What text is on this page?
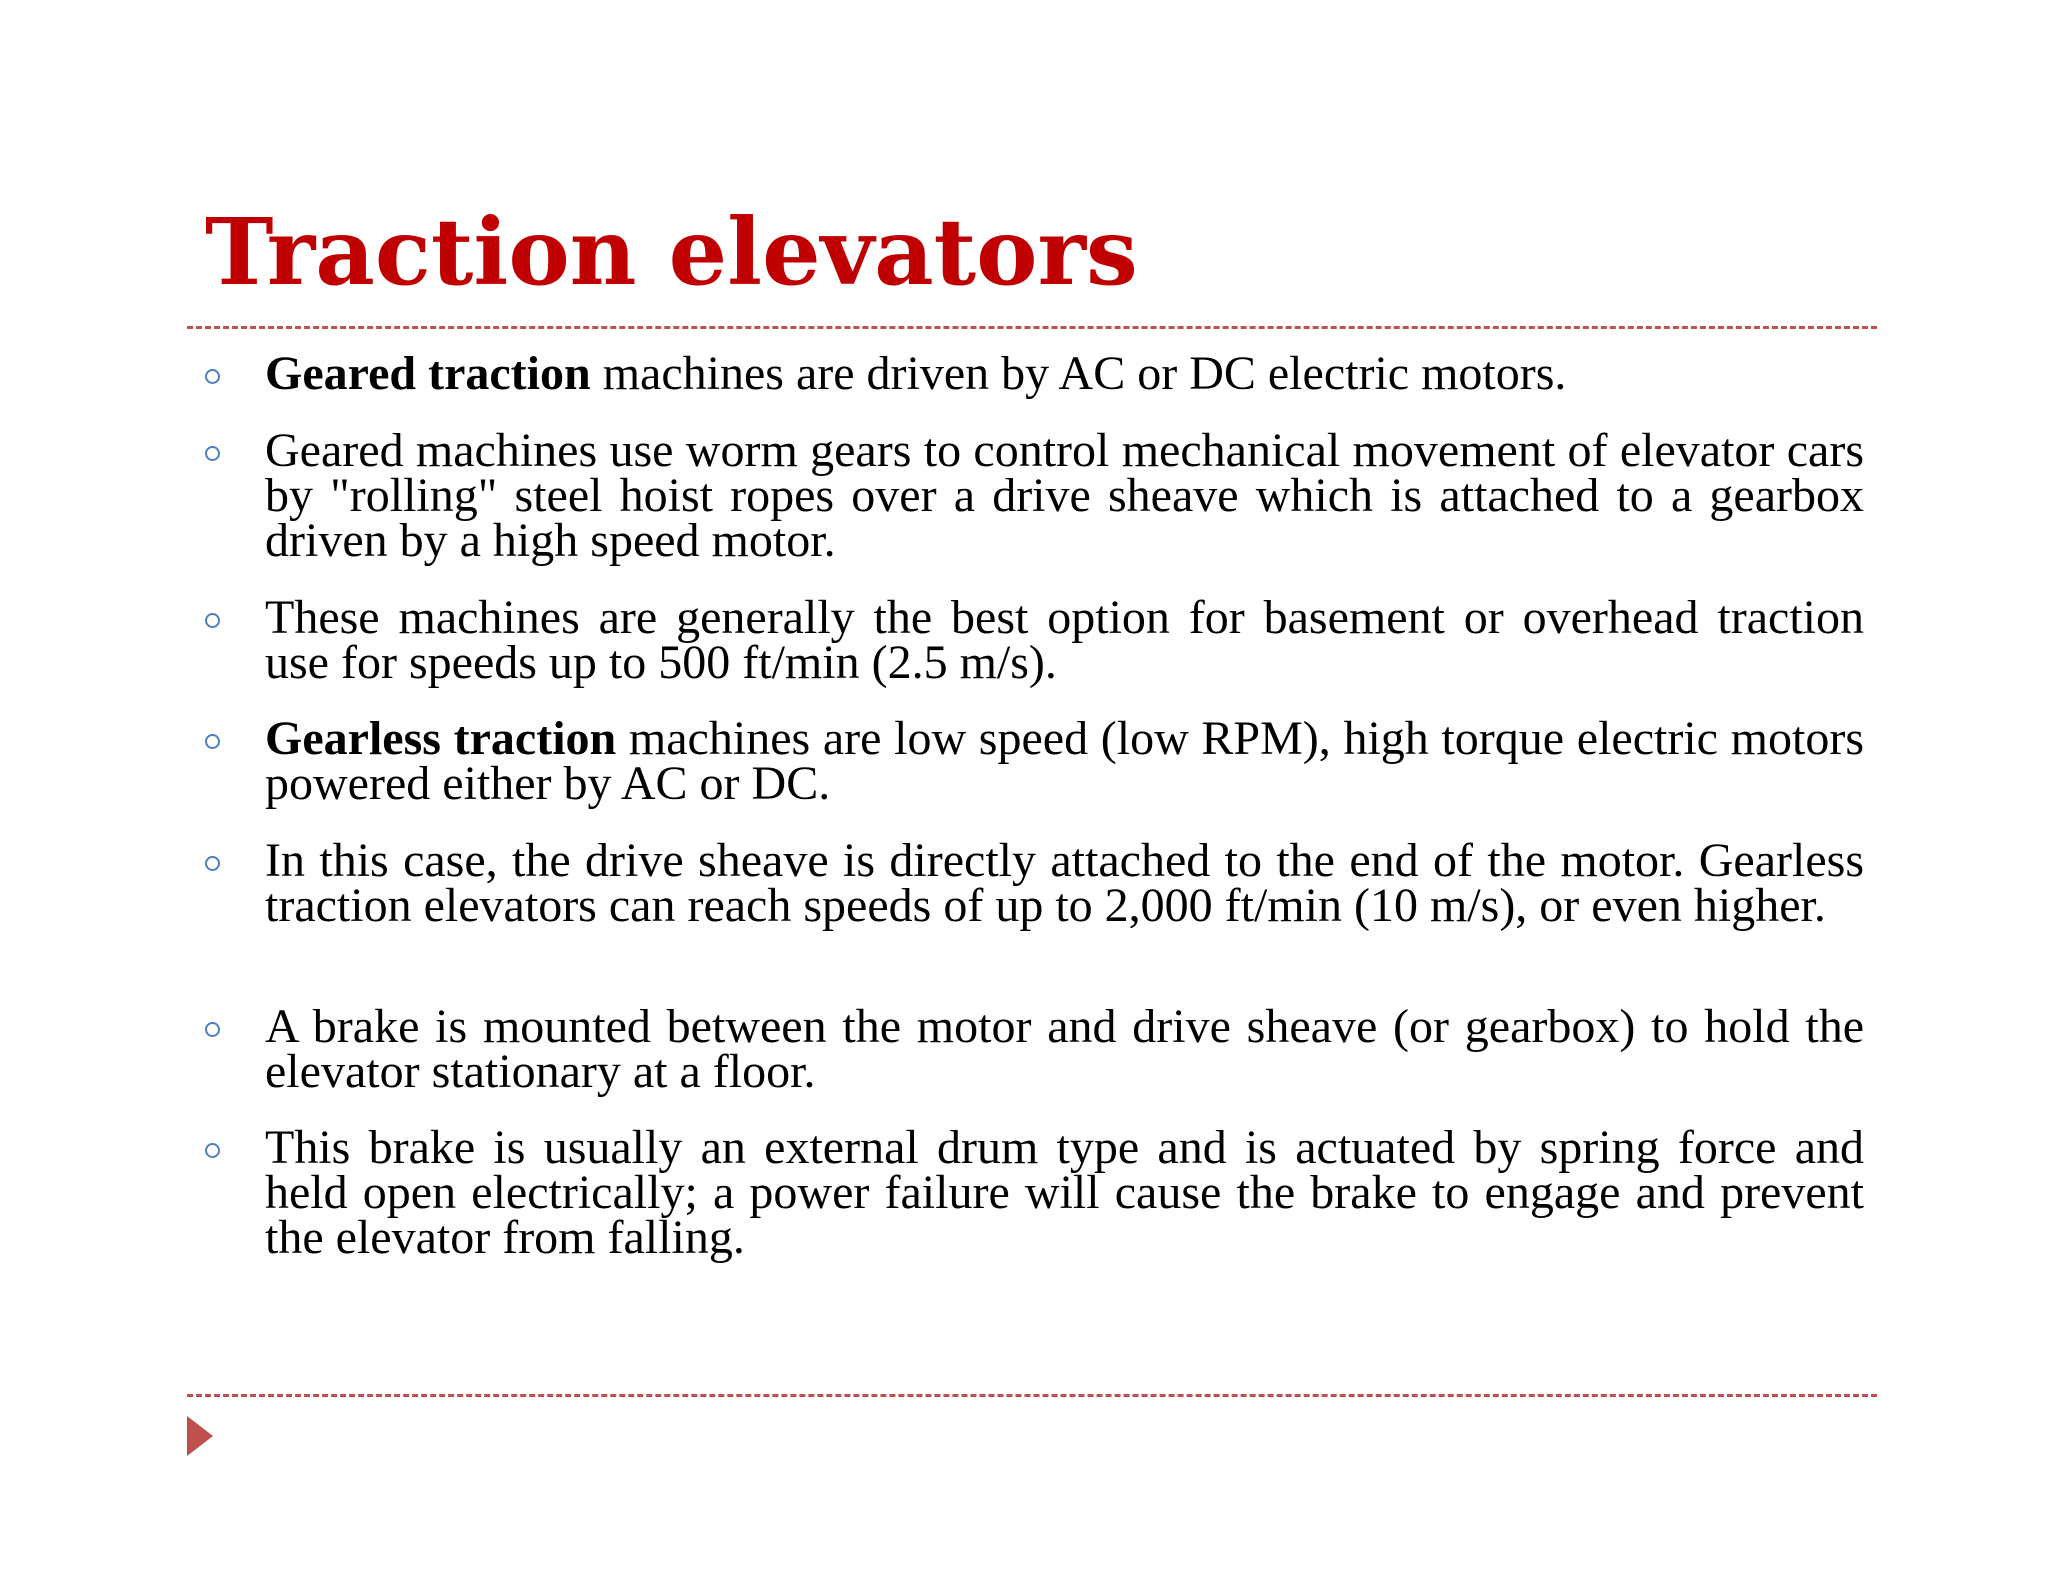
Traction elevators

Geared traction machines are driven by AC or DC electric motors.

Geared machines use worm gears to control mechanical movement of elevator cars by "rolling" steel hoist ropes over a drive sheave which is attached to a gearbox driven by a high speed motor.

These machines are generally the best option for basement or overhead traction use for speeds up to 500 ft/min (2.5 m/s).

Gearless traction machines are low speed (low RPM), high torque electric motors powered either by AC or DC.

In this case, the drive sheave is directly attached to the end of the motor. Gearless traction elevators can reach speeds of up to 2,000 ft/min (10 m/s), or even higher.

A brake is mounted between the motor and drive sheave (or gearbox) to hold the elevator stationary at a floor.

This brake is usually an external drum type and is actuated by spring force and held open electrically; a power failure will cause the brake to engage and prevent the elevator from falling.
